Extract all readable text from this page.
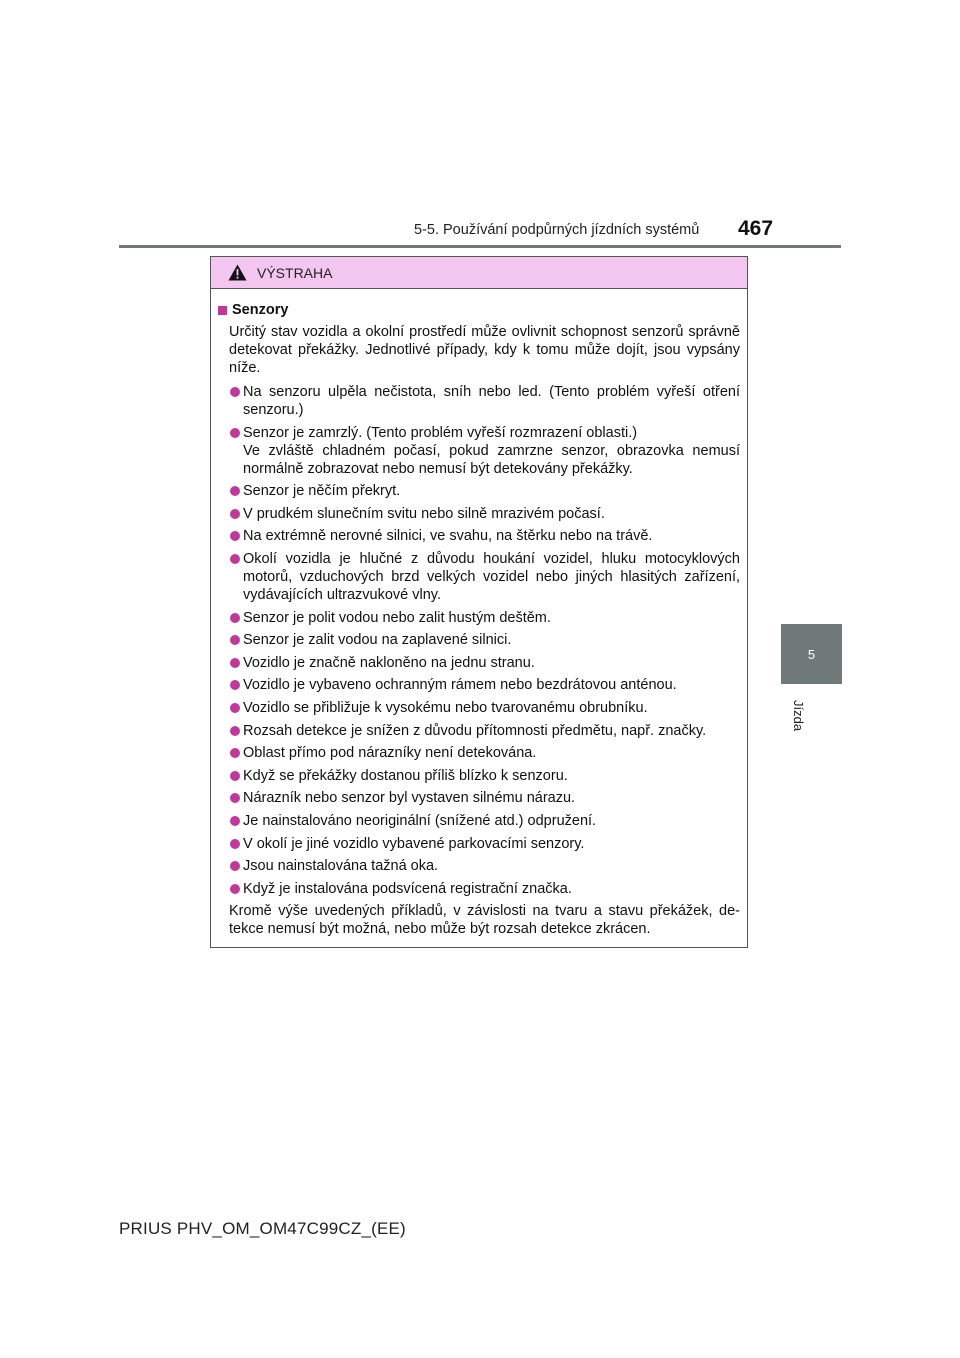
5-5. Používání podpůrných jízdních systémů 467
5
Jízda
VÝSTRAHA
Senzory
Určitý stav vozidla a okolní prostředí může ovlivnit schopnost senzorů správně detekovat překážky. Jednotlivé případy, kdy k tomu může dojít, jsou vypsány níže.
Na senzoru ulpěla nečistota, sníh nebo led. (Tento problém vyřeší otření senzoru.)
Senzor je zamrzlý. (Tento problém vyřeší rozmrazení oblasti.)
Ve zvláště chladném počasí, pokud zamrzne senzor, obrazovka nemusí normálně zobrazovat nebo nemusí být detekovány překážky.
Senzor je něčím překryt.
V prudkém slunečním svitu nebo silně mrazivém počasí.
Na extrémně nerovné silnici, ve svahu, na štěrku nebo na trávě.
Okolí vozidla je hlučné z důvodu houkání vozidel, hluku motocyklových motorů, vzduchových brzd velkých vozidel nebo jiných hlasitých zařízení, vydávajících ultrazvukové vlny.
Senzor je polit vodou nebo zalit hustým deštěm.
Senzor je zalit vodou na zaplavené silnici.
Vozidlo je značně nakloněno na jednu stranu.
Vozidlo je vybaveno ochranným rámem nebo bezdrátovou anténou.
Vozidlo se přibližuje k vysokému nebo tvarovanému obrubníku.
Rozsah detekce je snížen z důvodu přítomnosti předmětu, např. značky.
Oblast přímo pod nárazníky není detekována.
Když se překážky dostanou příliš blízko k senzoru.
Nárazník nebo senzor byl vystaven silnému nárazu.
Je nainstalováno neoriginální (snížené atd.) odpružení.
V okolí je jiné vozidlo vybavené parkovacími senzory.
Jsou nainstalována tažná oka.
Když je instalována podsvícená registrační značka.
Kromě výše uvedených příkladů, v závislosti na tvaru a stavu překážek, de-tekce nemusí být možná, nebo může být rozsah detekce zkrácen.
PRIUS PHV_OM_OM47C99CZ_(EE)
